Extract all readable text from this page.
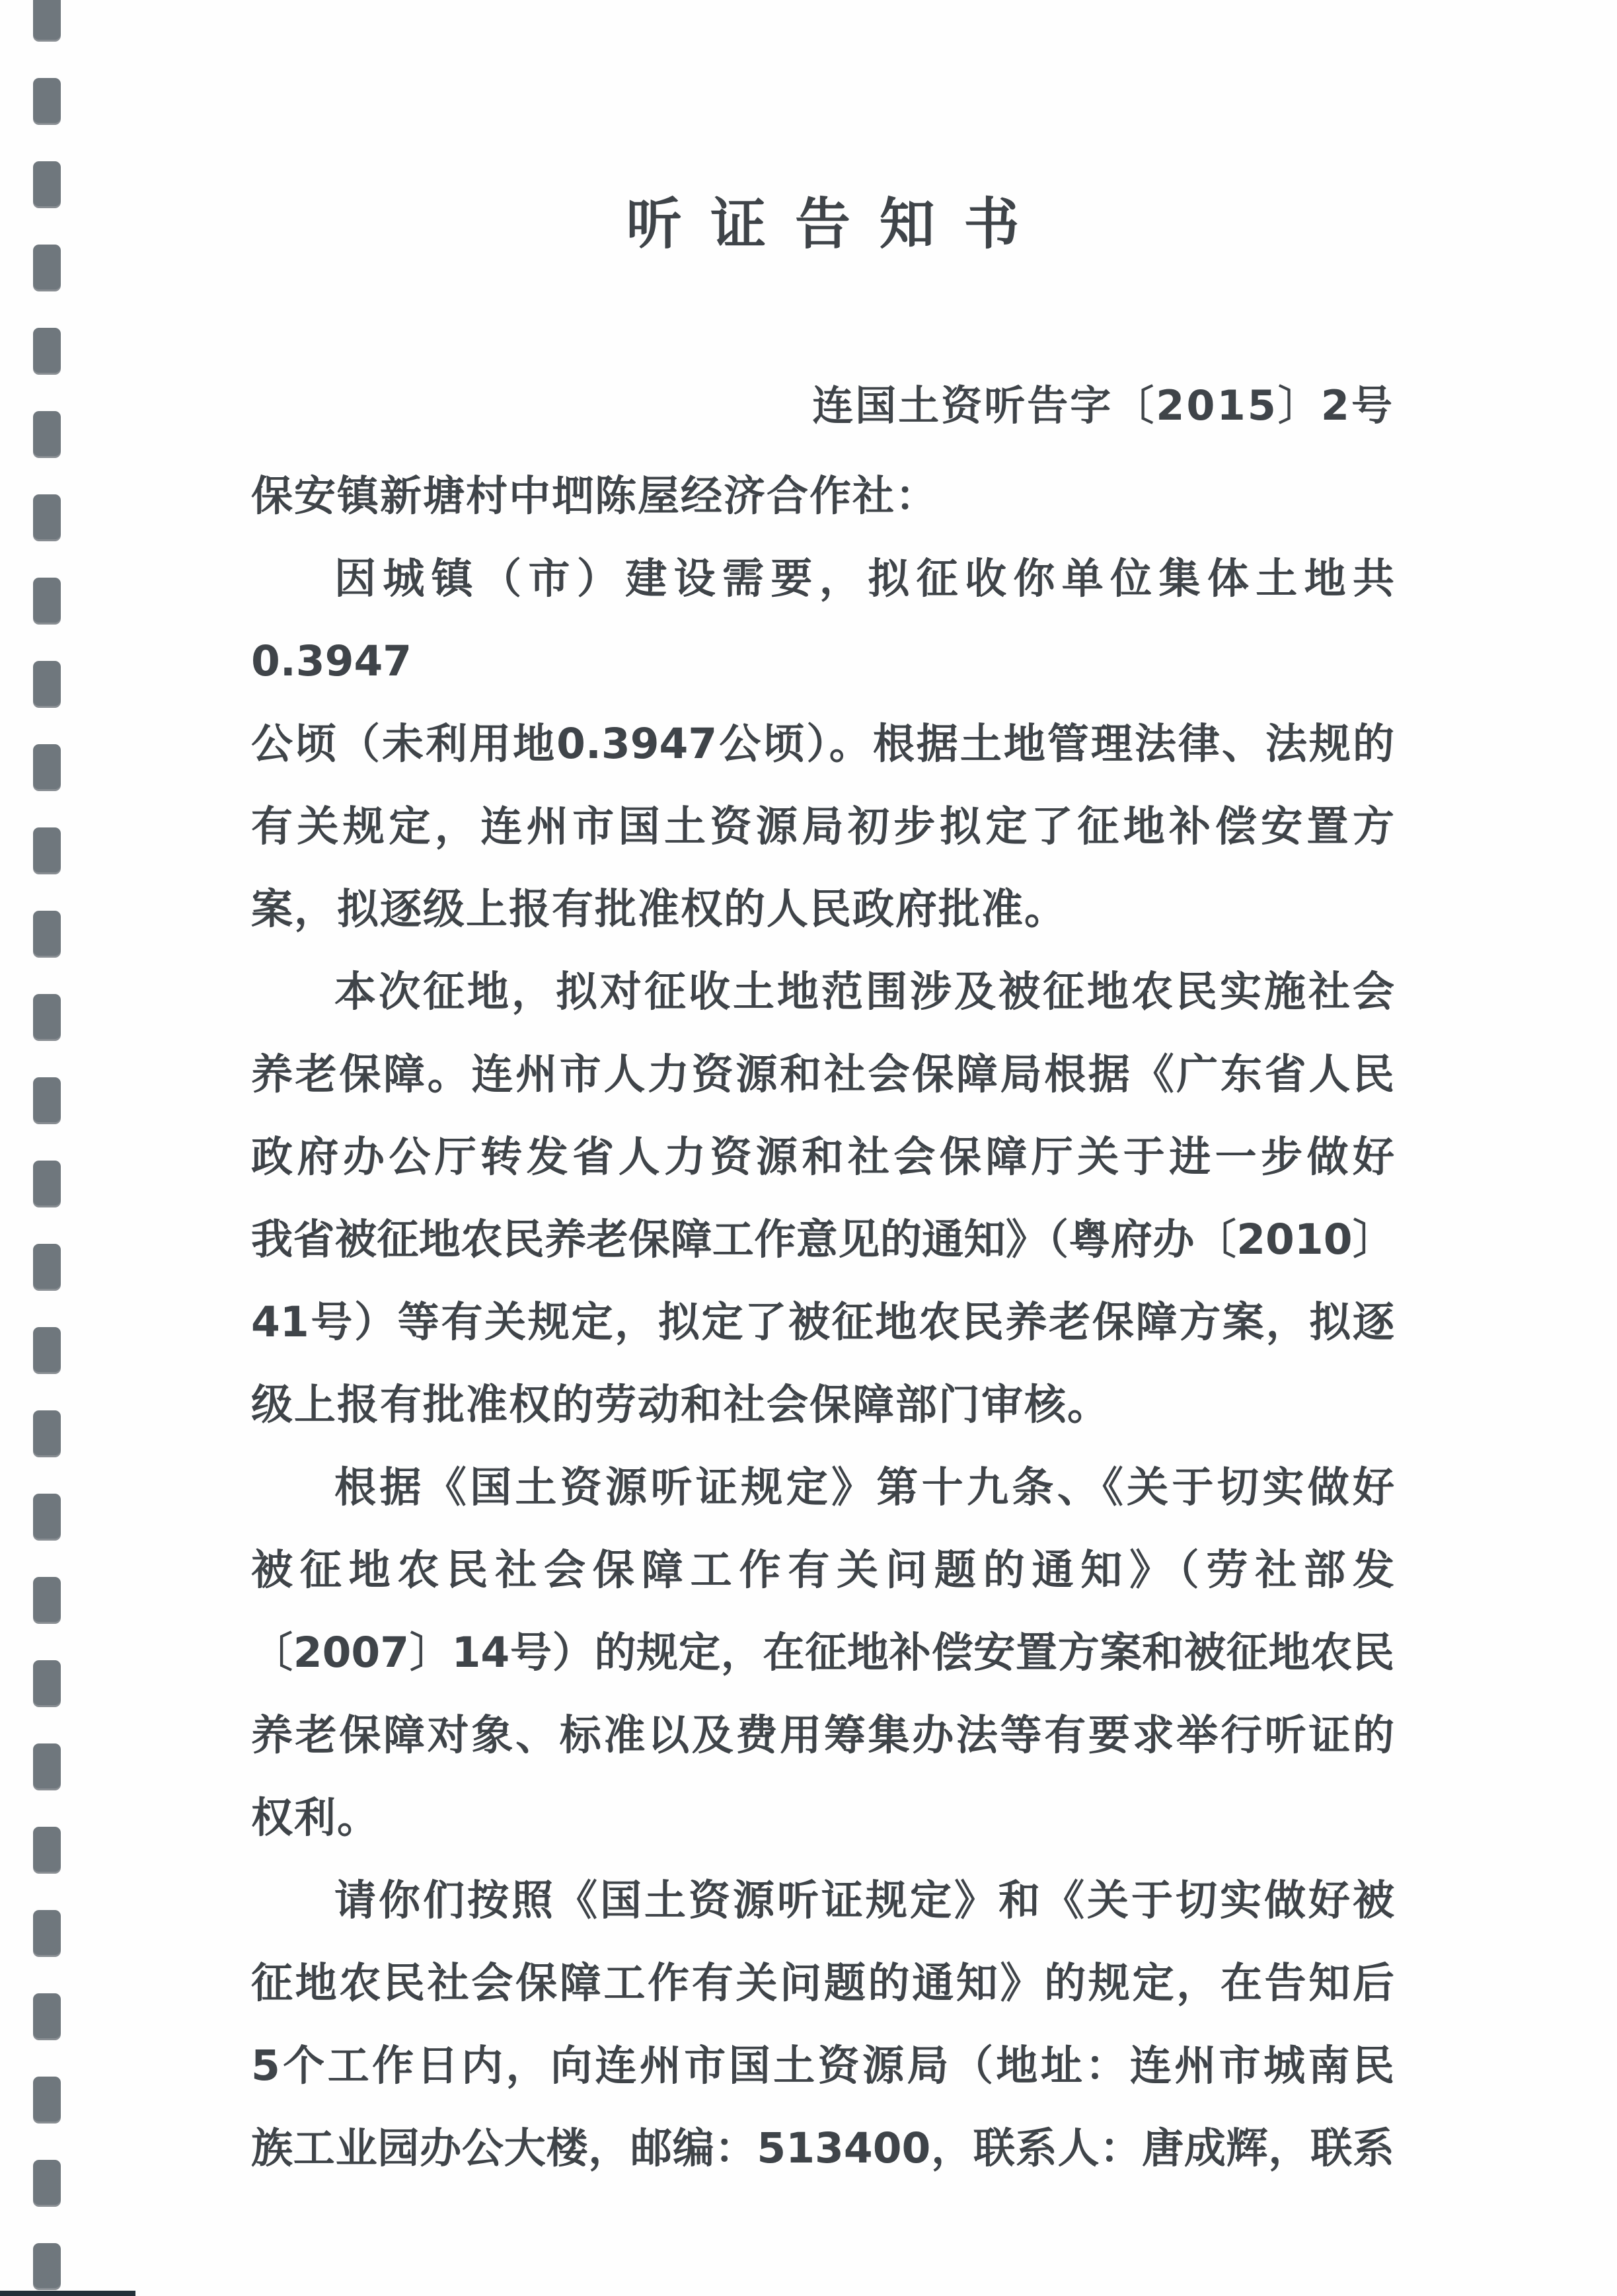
听证告知书
连国土资听告字〔2015〕2号
保安镇新塘村中垇陈屋经济合作社：
因城镇（市）建设需要，拟征收你单位集体土地共0.3947
公顷（未利用地0.3947公顷）。根据土地管理法律、法规的
有关规定，连州市国土资源局初步拟定了征地补偿安置方
案，拟逐级上报有批准权的人民政府批准。
本次征地，拟对征收土地范围涉及被征地农民实施社会
养老保障。连州市人力资源和社会保障局根据《广东省人民
政府办公厅转发省人力资源和社会保障厅关于进一步做好
我省被征地农民养老保障工作意见的通知》（粤府办〔2010〕
41号）等有关规定，拟定了被征地农民养老保障方案，拟逐
级上报有批准权的劳动和社会保障部门审核。
根据《国土资源听证规定》第十九条、《关于切实做好
被征地农民社会保障工作有关问题的通知》（劳社部发
〔2007〕14号）的规定，在征地补偿安置方案和被征地农民
养老保障对象、标准以及费用筹集办法等有要求举行听证的
权利。
请你们按照《国土资源听证规定》和《关于切实做好被
征地农民社会保障工作有关问题的通知》的规定，在告知后
5个工作日内，向连州市国土资源局（地址：连州市城南民
族工业园办公大楼，邮编：513400，联系人：唐成辉，联系
